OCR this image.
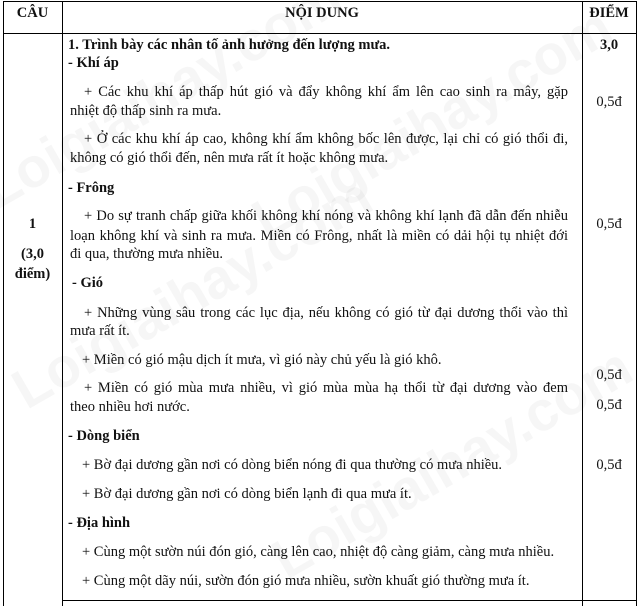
CÂU	NỘI DUNG	ĐIỂM
1
(3,0
điểm)
1. Trình bày các nhân tố ảnh hưởng đến lượng mưa.
- Khí áp
+ Các khu khí áp thấp hút gió và đẩy không khí ẩm lên cao sinh ra mây, gặp
nhiệt độ thấp sinh ra mưa.
+ Ở các khu khí áp cao, không khí ẩm không bốc lên được, lại chỉ có gió thổi đi,
không có gió thổi đến, nên mưa rất ít hoặc không mưa.
- Frông
+ Do sự tranh chấp giữa khối không khí nóng và không khí lạnh đã dẫn đến nhiễu
loạn không khí và sinh ra mưa. Miền có Frông, nhất là miền có dải hội tụ nhiệt đới
đi qua, thường mưa nhiều.
- Gió
+ Những vùng sâu trong các lục địa, nếu không có gió từ đại dương thổi vào thì
mưa rất ít.
+ Miền có gió mậu dịch ít mưa, vì gió này chủ yếu là gió khô.
+ Miền có gió mùa mưa nhiều, vì gió mùa mùa hạ thổi từ đại dương vào đem
theo nhiều hơi nước.
- Dòng biển
+ Bờ đại dương gần nơi có dòng biển nóng đi qua thường có mưa nhiều.
+ Bờ đại dương gần nơi có dòng biển lạnh đi qua mưa ít.
- Địa hình
+ Cùng một sườn núi đón gió, càng lên cao, nhiệt độ càng giảm, càng mưa nhiều.
+ Cùng một dãy núi, sườn đón gió mưa nhiều, sườn khuất gió thường mưa ít.
3,0
0,5đ
0,5đ
0,5đ
0,5đ
0,5đ
